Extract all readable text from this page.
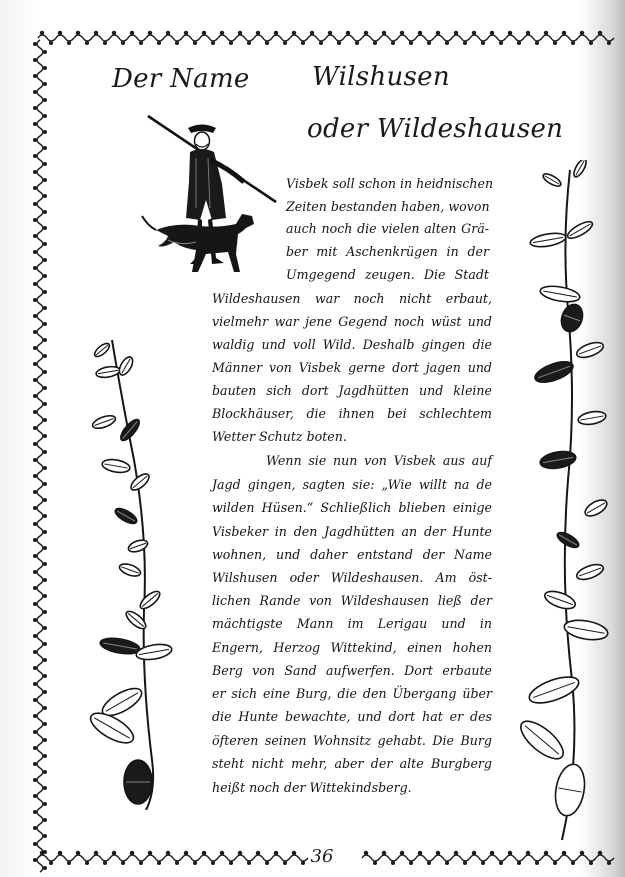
Der Name Wilshusen
oder Wildeshausen

Visbek soll schon in heidnischen

Zeiten bestanden haben, wovon

auch noch die vielen alten Grä-

ber mit Aschenkrügen in der

Umgegend zeugen. Die Stadt

Wildeshausen war noch nicht erbaut,

vielmehr war jene Gegend noch wüst und

waldig und voll Wild. Deshalb gingen die

Männer von Visbek gerne dort jagen und

bauten sich dort Jagdhütten und kleine

Blockhäuser, die ihnen bei schlechtem

Wetter Schutz boten.

Wenn sie nun von Visbek aus auf

Jagd gingen, sagten sie: „Wie willt na de

wilden Hüsen.“ Schließlich blieben einige

Visbeker in den Jagdhütten an der Hunte

wohnen, und daher entstand der Name

Wilshusen oder Wildeshausen. Am öst-

lichen Rande von Wildeshausen ließ der

mächtigste Mann im Lerigau und in

Engern, Herzog Wittekind, einen hohen

Berg von Sand aufwerfen. Dort erbaute

er sich eine Burg, die den Übergang über

die Hunte bewachte, und dort hat er des

öfteren seinen Wohnsitz gehabt. Die Burg

steht nicht mehr, aber der alte Burgberg

heißt noch der Wittekindsberg.

36
